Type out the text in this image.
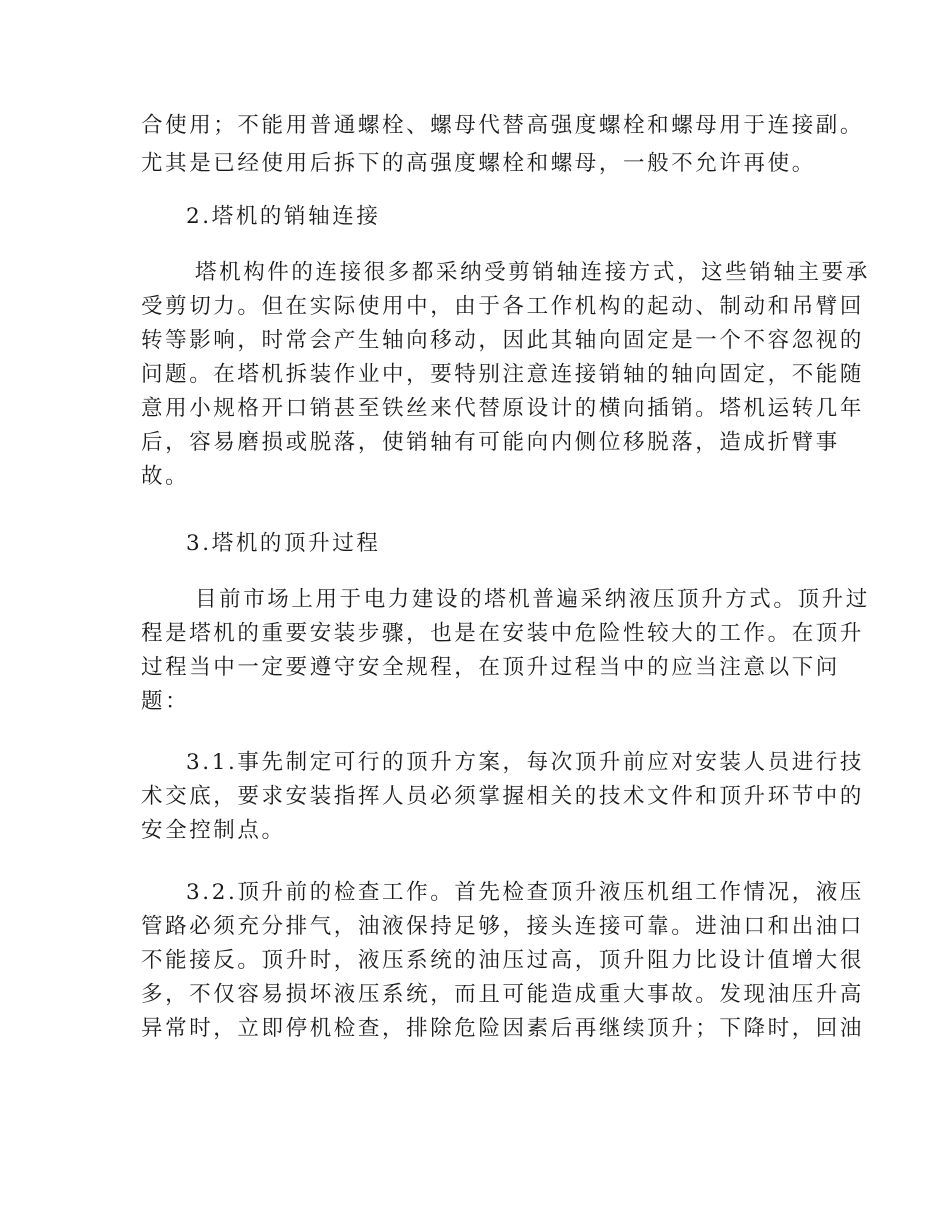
合使用；不能用普通螺栓、螺母代替高强度螺栓和螺母用于连接副。
尤其是已经使用后拆下的高强度螺栓和螺母，一般不允许再使。
2.塔机的销轴连接
塔机构件的连接很多都采纳受剪销轴连接方式，这些销轴主要承
受剪切力。但在实际使用中，由于各工作机构的起动、制动和吊臂回
转等影响，时常会产生轴向移动，因此其轴向固定是一个不容忽视的
问题。在塔机拆装作业中，要特别注意连接销轴的轴向固定，不能随
意用小规格开口销甚至铁丝来代替原设计的横向插销。塔机运转几年
后，容易磨损或脱落，使销轴有可能向内侧位移脱落，造成折臂事
故。
3.塔机的顶升过程
目前市场上用于电力建设的塔机普遍采纳液压顶升方式。顶升过
程是塔机的重要安装步骤，也是在安装中危险性较大的工作。在顶升
过程当中一定要遵守安全规程，在顶升过程当中的应当注意以下问
题：
3.1.事先制定可行的顶升方案，每次顶升前应对安装人员进行技
术交底，要求安装指挥人员必须掌握相关的技术文件和顶升环节中的
安全控制点。
3.2.顶升前的检查工作。首先检查顶升液压机组工作情况，液压
管路必须充分排气，油液保持足够，接头连接可靠。进油口和出油口
不能接反。顶升时，液压系统的油压过高，顶升阻力比设计值增大很
多，不仅容易损坏液压系统，而且可能造成重大事故。发现油压升高
异常时，立即停机检查，排除危险因素后再继续顶升；下降时，回油
